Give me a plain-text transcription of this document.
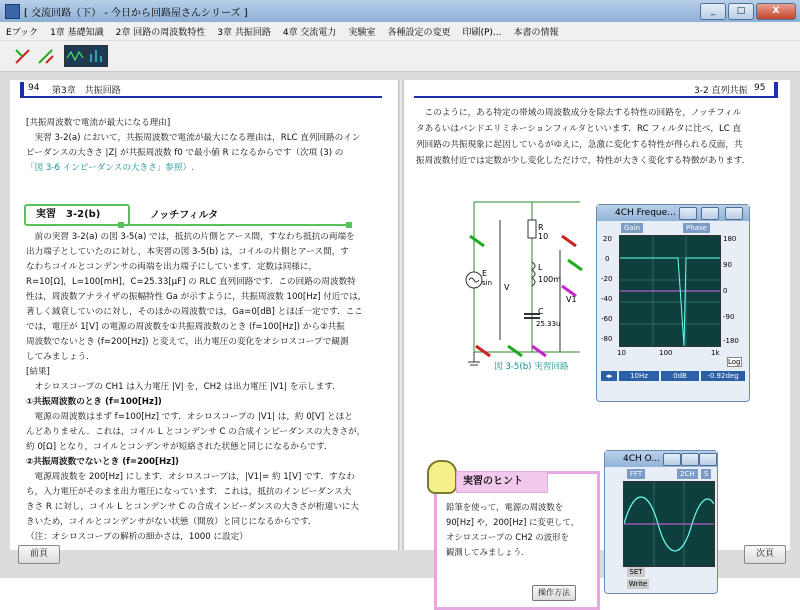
[ 交流回路（下） - 今日から回路屋さんシリーズ ]	_	□	X
Eブック	1章 基礎知識	2章 回路の周波数特性	3章 共振回路	4章 交流電力	実験室	各種設定の変更	印刷(P)...	本書の情報
94 第3章　共振回路
[共振周波数で電流が最大になる理由]
　実習 3-2(a) において，共振周波数で電流が最大になる理由は，RLC 直列回路のイン
ピーダンスの大きさ |Z| が共振周波数 f0 で最小値 R になるからです（次項 (3) の
「図 3-6 インピーダンスの大きさ」参照）.
実習　3-2(b)	ノッチフィルタ
　前の実習 3-2(a) の図 3-5(a) では，抵抗の片側とアース間，すなわち抵抗の両端を
出力端子としていたのに対し，本実習の図 3-5(b) は，コイルの片側とアース間，す
なわちコイルとコンデンサの両端を出力端子にしています．定数は同様に，
R=10[Ω]，L=100[mH]，C=25.33[μF] の RLC 直列回路です．この回路の周波数特
性は，周波数アナライザの振幅特性 Ga が示すように，共振周波数 100[Hz] 付近では，
著しく減衰していのに対し，そのほかの周波数では，Ga=0[dB] とほぼ一定です．ここ
では，電圧が 1[V] の電源の周波数を①共振周波数のとき (f=100[Hz]) から②共振
周波数でないとき (f=200[Hz]) と変えて，出力電圧の変化をオシロスコープで観測
してみましょう．
[結果]
　オシロスコープの CH1 は入力電圧 |V| を，CH2 は出力電圧 |V1| を示します．
①共振周波数のとき (f=100[Hz])
　電源の周波数はまず f=100[Hz] です．オシロスコープの |V1| は，約 0[V] とほと
んどありません．これは，コイル L とコンデンサ C の合成インピーダンスの大きさが，
約 0[Ω] となり，コイルとコンデンサが短絡された状態と同じになるからです．
②共振周波数でないとき (f=200[Hz])
　電源周波数を 200[Hz] にします．オシロスコープは，|V1|= 約 1[V] です．すなわ
ち，入力電圧がそのまま出力電圧になっています．これは，抵抗のインピーダンス大
きさ R に対し，コイル L とコンデンサ C の合成インピーダンスの大きさが桁違いに大
きいため，コイルとコンデンサがない状態（開放）と同じになるからです．
（注：オシロスコープの解析の細かさは，1000 に設定）
3-2 直列共振 95
　このように，ある特定の帯域の周波数成分を除去する特性の回路を，ノッチフィル
タあるいはバンドエリミネーションフィルタといいます．RC フィルタに比べ，LC 直
列回路の共振現象に起因しているがゆえに，急激に変化する特性が得られる反面，共
振周波数付近では定数が少し変化しただけで，特性が大きく変化する特徴があります．
R
10
E
sin V
L
100m
C
25.33u
V1
図 3-5(b) 実習回路
4CH Freque...
Gain	Phase
20
0
-20
-40
-60
-80
180
90
0
-90
-180
10	100	1k
Log
◂▸	10Hz	0dB	-0.92deg
4CH O...
FFT	2CH	S
SET
Write
実習のヒント
鉛筆を使って，電源の周波数を
90[Hz] や，200[Hz] に変更して，
オシロスコープの CH2 の波形を
観測してみましょう．
操作方法
前頁	次頁
